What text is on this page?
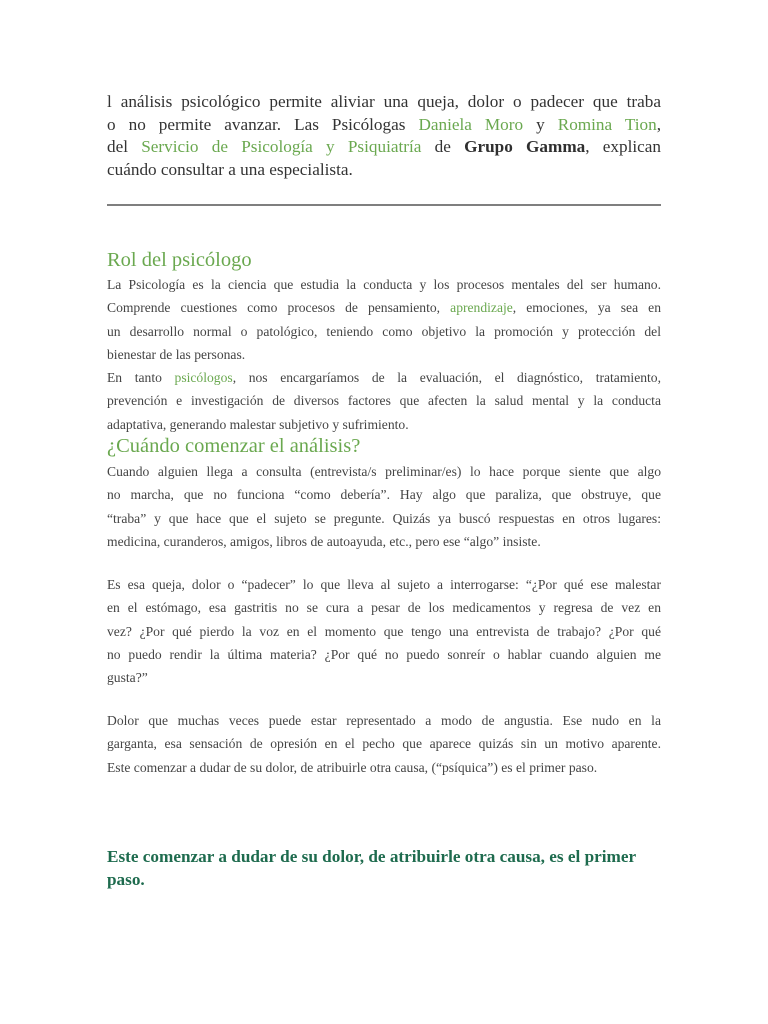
l análisis psicológico permite aliviar una queja, dolor o padecer que traba
o no permite avanzar. Las Psicólogas Daniela Moro y Romina Tion,
del Servicio de Psicología y Psiquiatría de Grupo Gamma, explican
cuándo consultar a una especialista.
Rol del psicólogo
La Psicología es la ciencia que estudia la conducta y los procesos mentales del ser humano.
Comprende cuestiones como procesos de pensamiento, aprendizaje, emociones, ya sea en
un desarrollo normal o patológico, teniendo como objetivo la promoción y protección del
bienestar de las personas.
En tanto psicólogos, nos encargaríamos de la evaluación, el diagnóstico, tratamiento,
prevención e investigación de diversos factores que afecten la salud mental y la conducta
adaptativa, generando malestar subjetivo y sufrimiento.
¿Cuándo comenzar el análisis?
Cuando alguien llega a consulta (entrevista/s preliminar/es) lo hace porque siente que algo
no marcha, que no funciona “como debería”. Hay algo que paraliza, que obstruye, que
“traba” y que hace que el sujeto se pregunte. Quizás ya buscó respuestas en otros lugares:
medicina, curanderos, amigos, libros de autoayuda, etc., pero ese “algo” insiste.
Es esa queja, dolor o “padecer” lo que lleva al sujeto a interrogarse: “¿Por qué ese malestar
en el estómago, esa gastritis no se cura a pesar de los medicamentos y regresa de vez en
vez? ¿Por qué pierdo la voz en el momento que tengo una entrevista de trabajo? ¿Por qué
no puedo rendir la última materia? ¿Por qué no puedo sonreír o hablar cuando alguien me
gusta?”
Dolor que muchas veces puede estar representado a modo de angustia. Ese nudo en la
garganta, esa sensación de opresión en el pecho que aparece quizás sin un motivo aparente.
Este comenzar a dudar de su dolor, de atribuirle otra causa, (“psíquica”) es el primer paso.
Este comenzar a dudar de su dolor, de atribuirle otra causa, es el primer
paso.
